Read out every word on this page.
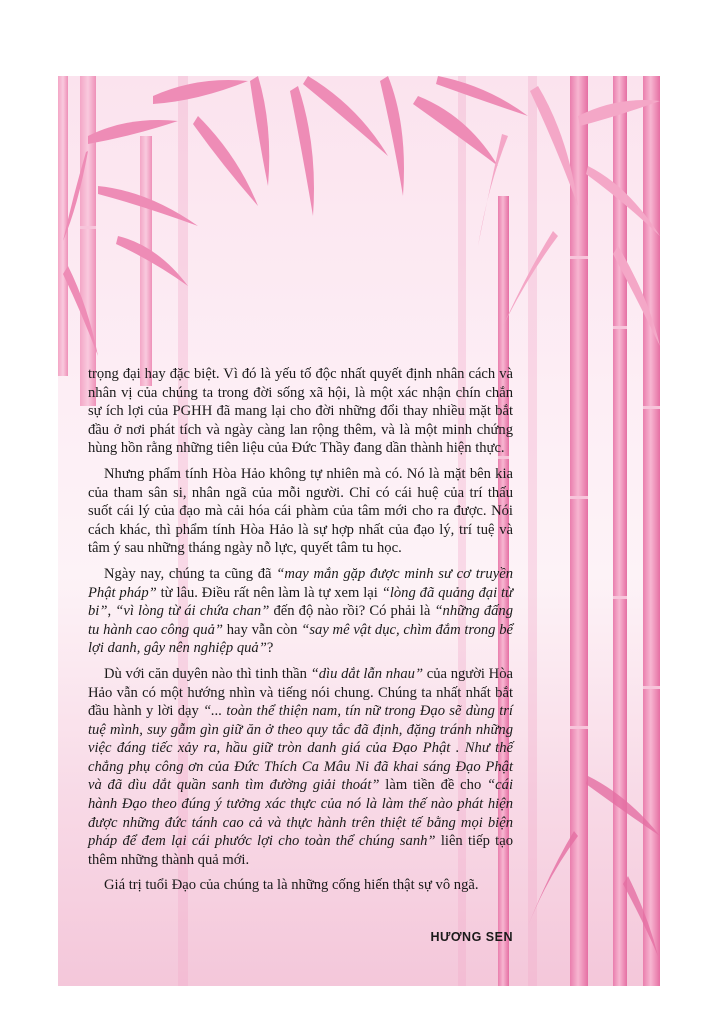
trọng đại hay đặc biệt. Vì đó là yếu tố độc nhất quyết định nhân cách và nhân vị của chúng ta trong đời sống xã hội, là một xác nhận chín chắn sự ích lợi của PGHH đã mang lại cho đời những đổi thay nhiều mặt bắt đầu ở nơi phát tích và ngày càng lan rộng thêm, và là một minh chứng hùng hồn rằng những tiên liệu của Đức Thầy đang dần thành hiện thực.

Nhưng phẩm tính Hòa Hảo không tự nhiên mà có. Nó là mặt bên kia của tham sân si, nhân ngã của mỗi người. Chỉ có cái huệ của trí thấu suốt cái lý của đạo mà cải hóa cái phàm của tâm mới cho ra được. Nói cách khác, thì phẩm tính Hòa Hảo là sự hợp nhất của đạo lý, trí tuệ và tâm ý sau những tháng ngày nỗ lực, quyết tâm tu học.

Ngày nay, chúng ta cũng đã “may mắn gặp được minh sư cơ truyền Phật pháp” từ lâu. Điều rất nên làm là tự xem lại “lòng đã quảng đại từ bi”, “vì lòng từ ái chứa chan” đến độ nào rồi? Có phải là “những đấng tu hành cao công quả” hay vẫn còn “say mê vật dục, chìm đắm trong bể lợi danh, gây nên nghiệp quả”?

Dù với căn duyên nào thì tinh thần “dìu dắt lẫn nhau” của người Hòa Hảo vẫn có một hướng nhìn và tiếng nói chung. Chúng ta nhất nhất bắt đầu hành y lời dạy “... toàn thể thiện nam, tín nữ trong Đạo sẽ dùng trí tuệ mình, suy gẫm gìn giữ ăn ở theo quy tắc đã định, đặng tránh những việc đáng tiếc xảy ra, hầu giữ tròn danh giá của Đạo Phật . Như thế chẳng phụ công ơn của Đức Thích Ca Mâu Ni đã khai sáng Đạo Phật và đã dìu dắt quần sanh tìm đường giải thoát” làm tiền đề cho “cái hành Đạo theo đúng ý tưởng xác thực của nó là làm thế nào phát hiện được những đức tánh cao cả và thực hành trên thiệt tế bằng mọi biện pháp để đem lại cái phước lợi cho toàn thể chúng sanh” liên tiếp tạo thêm những thành quả mới.

Giá trị tuổi Đạo của chúng ta là những cống hiến thật sự vô ngã.

HƯƠNG SEN
